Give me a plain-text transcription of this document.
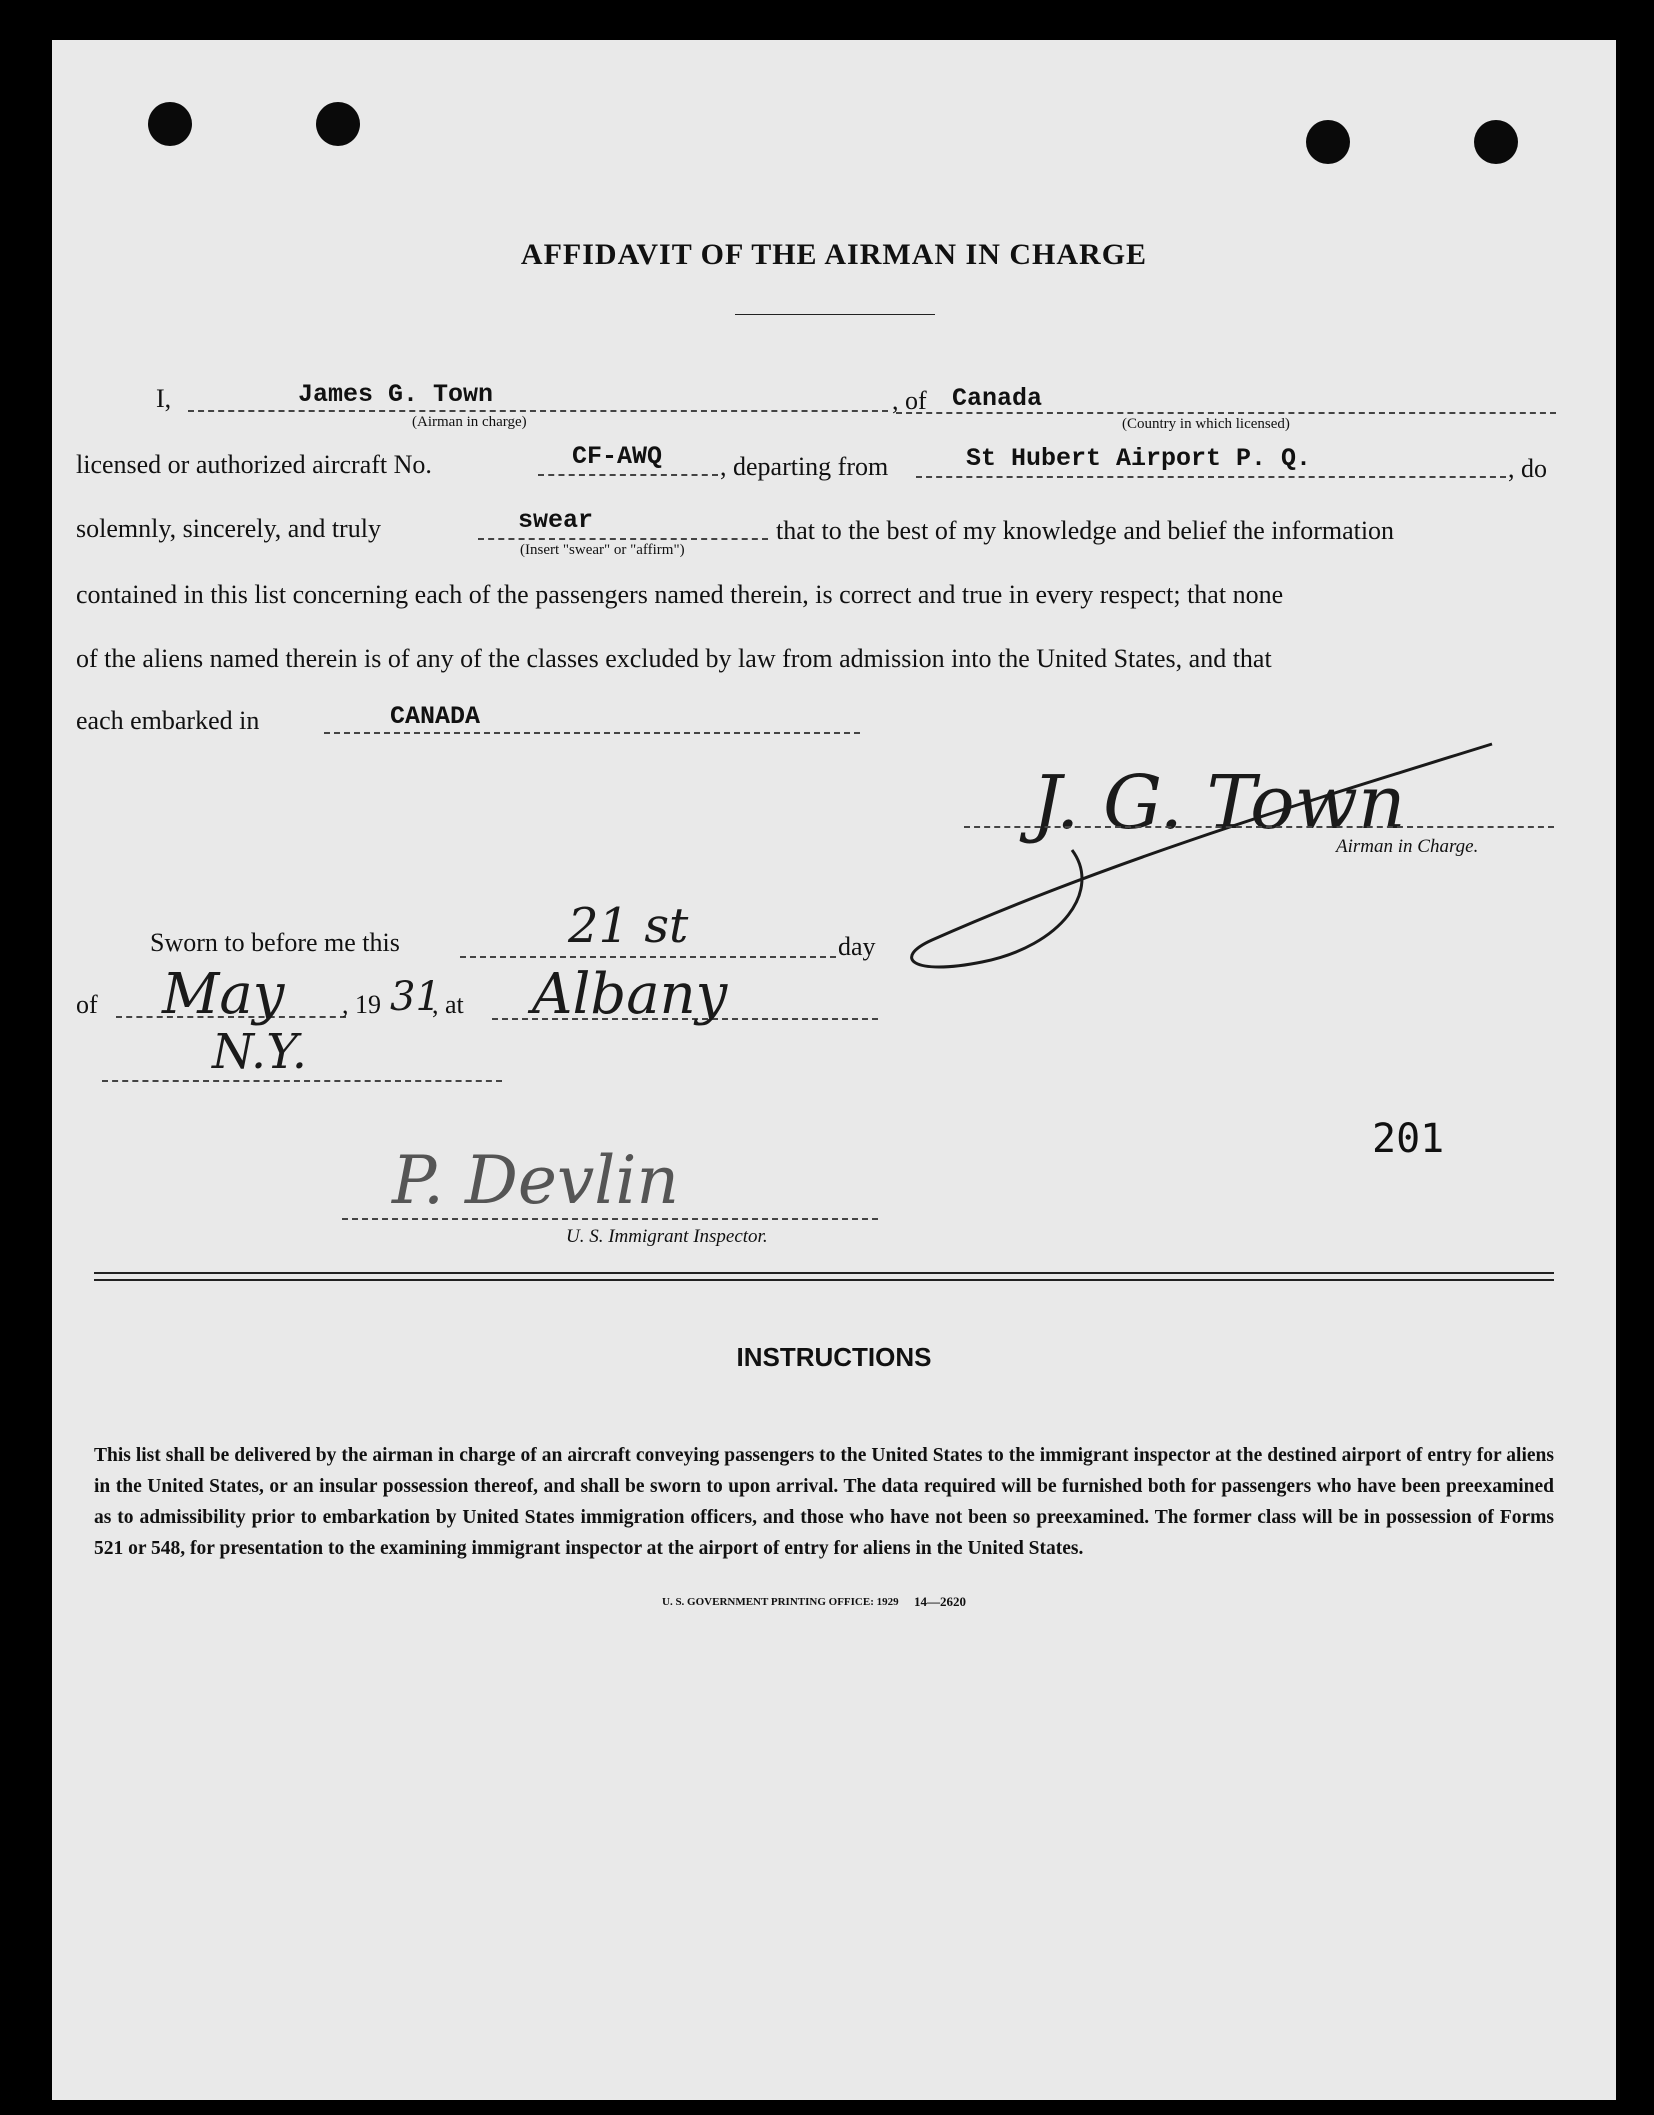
AFFIDAVIT OF THE AIRMAN IN CHARGE
I,	James G. Town
(Airman in charge)
, of Canada
(Country in which licensed)
licensed or authorized aircraft No.	CF-AWQ , departing from	St Hubert Airport P. Q.	, do
solemnly, sincerely, and truly	swear
(Insert "swear" or "affirm")
that to the best of my knowledge and belief the information
contained in this list concerning each of the passengers named therein, is correct and true in every respect; that none
of the aliens named therein is of any of the classes excluded by law from admission into the United States, and that
each embarked in	CANADA
J. G. Town
Airman in Charge.
Sworn to before me this	21 st	day
of May , 19 31
, at Albany
N.Y.
201
P. Devlin
U. S. Immigrant Inspector.
INSTRUCTIONS
This list shall be delivered by the airman in charge of an aircraft conveying passengers to the United States to the immigrant inspector at the destined airport of entry for aliens in the United States, or an insular possession thereof, and shall be sworn to upon arrival. The data required will be furnished both for passengers who have been preexamined as to admissibility prior to embarkation by United States immigration officers, and those who have not been so preexamined. The former class will be in possession of Forms 521 or 548, for presentation to the examining immigrant inspector at the airport of entry for aliens in the United States.
U. S. GOVERNMENT PRINTING OFFICE: 1929 14—2620
